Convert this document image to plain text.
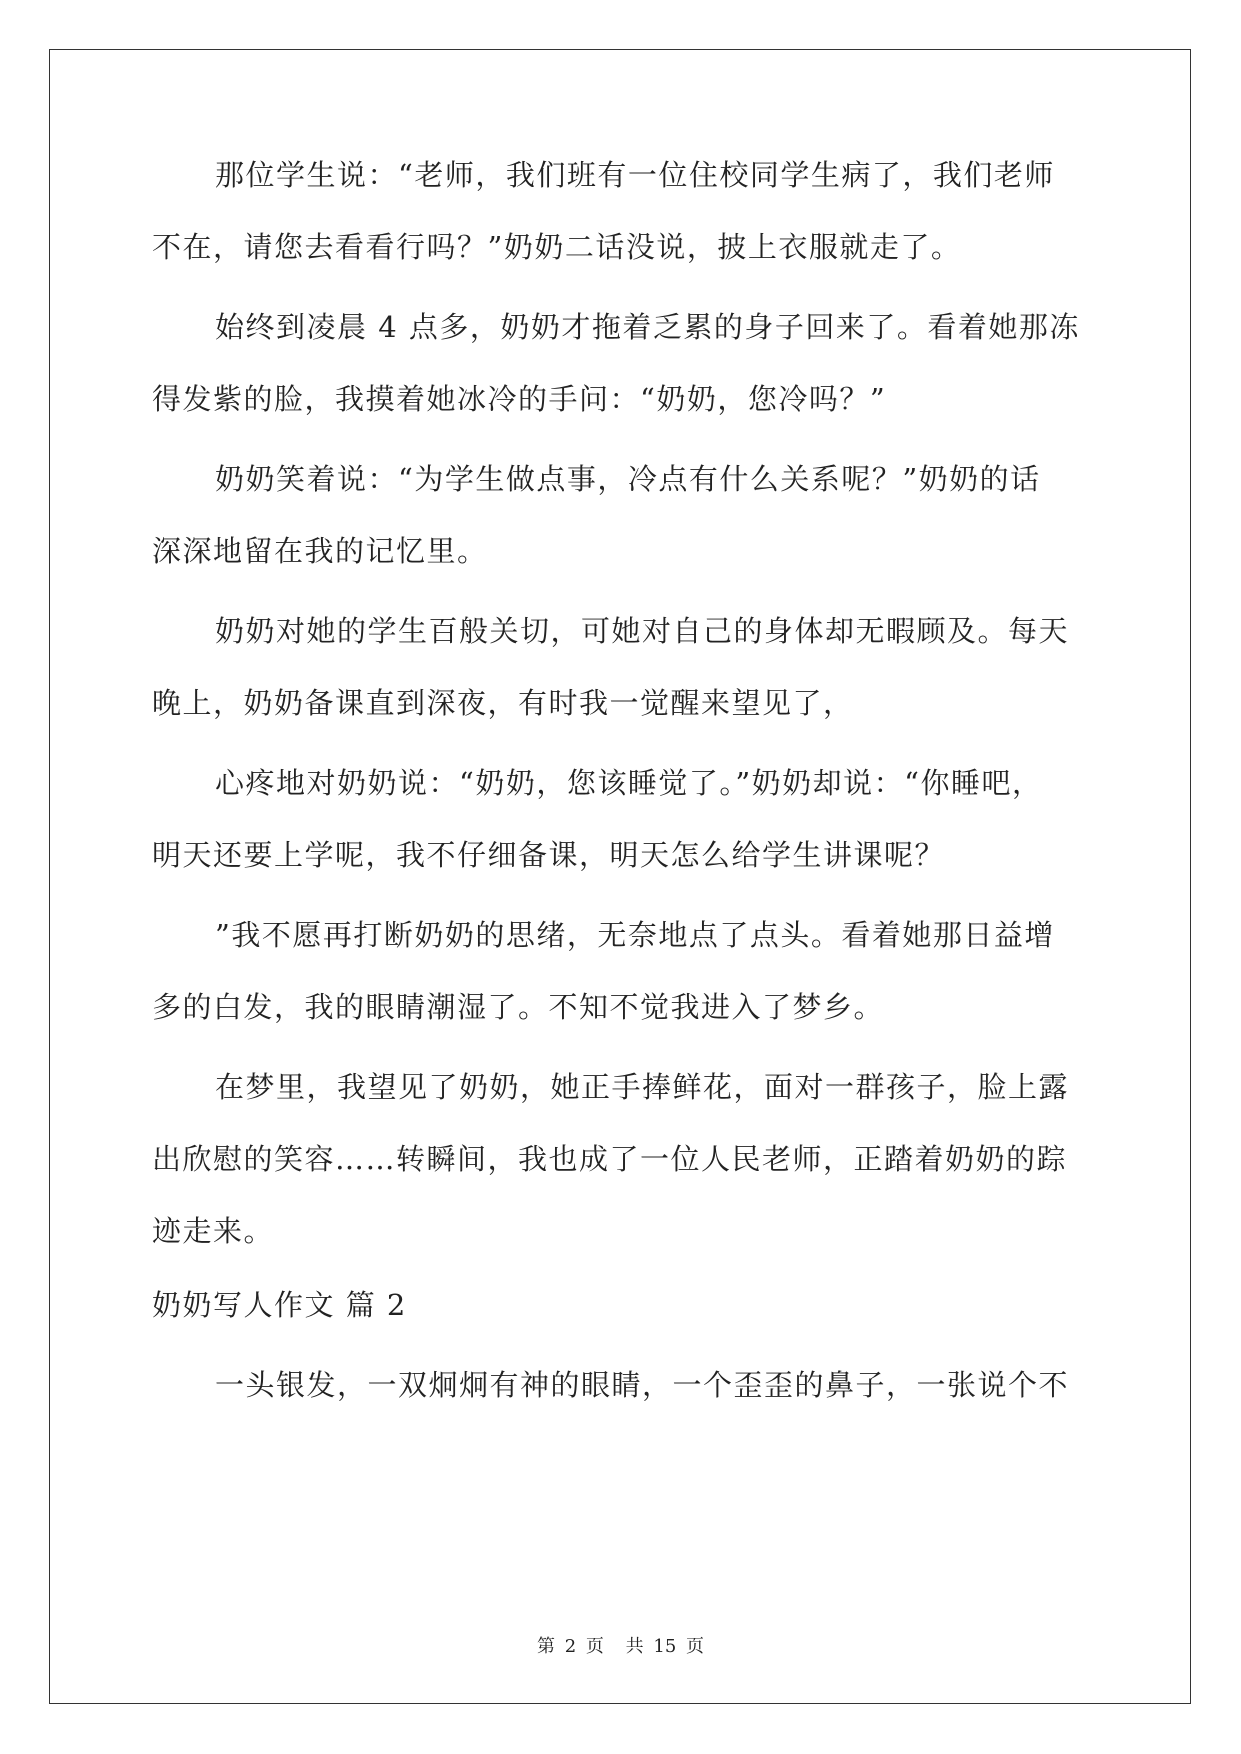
那位学生说：“老师，我们班有一位住校同学生病了，我们老师
不在，请您去看看行吗？”奶奶二话没说，披上衣服就走了。
始终到凌晨 4 点多，奶奶才拖着乏累的身子回来了。看着她那冻
得发紫的脸，我摸着她冰冷的手问：“奶奶，您冷吗？”
奶奶笑着说：“为学生做点事，冷点有什么关系呢？”奶奶的话
深深地留在我的记忆里。
奶奶对她的学生百般关切，可她对自己的身体却无暇顾及。每天
晚上，奶奶备课直到深夜，有时我一觉醒来望见了，
心疼地对奶奶说：“奶奶，您该睡觉了。”奶奶却说：“你睡吧，
明天还要上学呢，我不仔细备课，明天怎么给学生讲课呢？
”我不愿再打断奶奶的思绪，无奈地点了点头。看着她那日益增
多的白发，我的眼睛潮湿了。不知不觉我进入了梦乡。
在梦里，我望见了奶奶，她正手捧鲜花，面对一群孩子，脸上露
出欣慰的笑容……转瞬间，我也成了一位人民老师，正踏着奶奶的踪
迹走来。
奶奶写人作文 篇 2
一头银发，一双炯炯有神的眼睛，一个歪歪的鼻子，一张说个不
第 2 页 共 15 页
